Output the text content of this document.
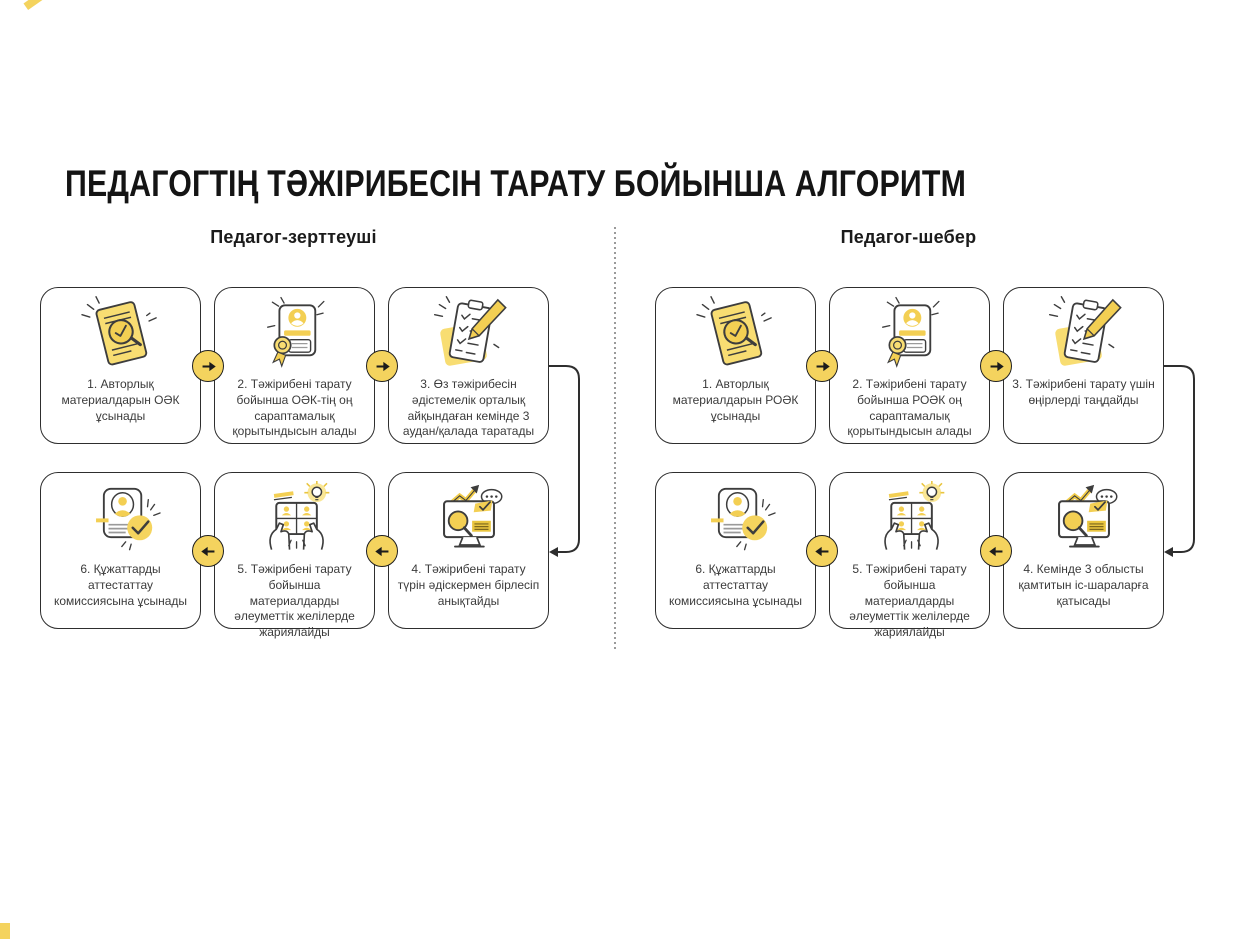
ПЕДАГОГТІҢ ТӘЖІРИБЕСІН ТАРАТУ БОЙЫНША АЛГОРИТМ
Педагог-зерттеуші	Педагог-шебер

1. Авторлық материалдарын ОӘК ұсынады

2. Тәжірибені тарату бойынша ОӘК-тің оң сараптамалық қорытындысын алады

3. Өз тәжірибесін әдістемелік орталық айқындаған кемінде 3 аудан/қалада таратады

4. Тәжірибені тарату түрін әдіскермен бірлесіп анықтайды

5. Тәжірибені тарату бойынша материалдарды әлеуметтік желілерде жариялайды

6. Құжаттарды аттестаттау комиссиясына ұсынады

1. Авторлық материалдарын РОӘК ұсынады

2. Тәжірибені тарату бойынша РОӘК оң сараптамалық қорытындысын алады

3. Тәжірибені тарату үшін өңірлерді таңдайды

4. Кемінде 3 облысты қамтитын іс-шараларға қатысады

5. Тәжірибені тарату бойынша материалдарды әлеуметтік желілерде жариялайды

6. Құжаттарды аттестаттау комиссиясына ұсынады
